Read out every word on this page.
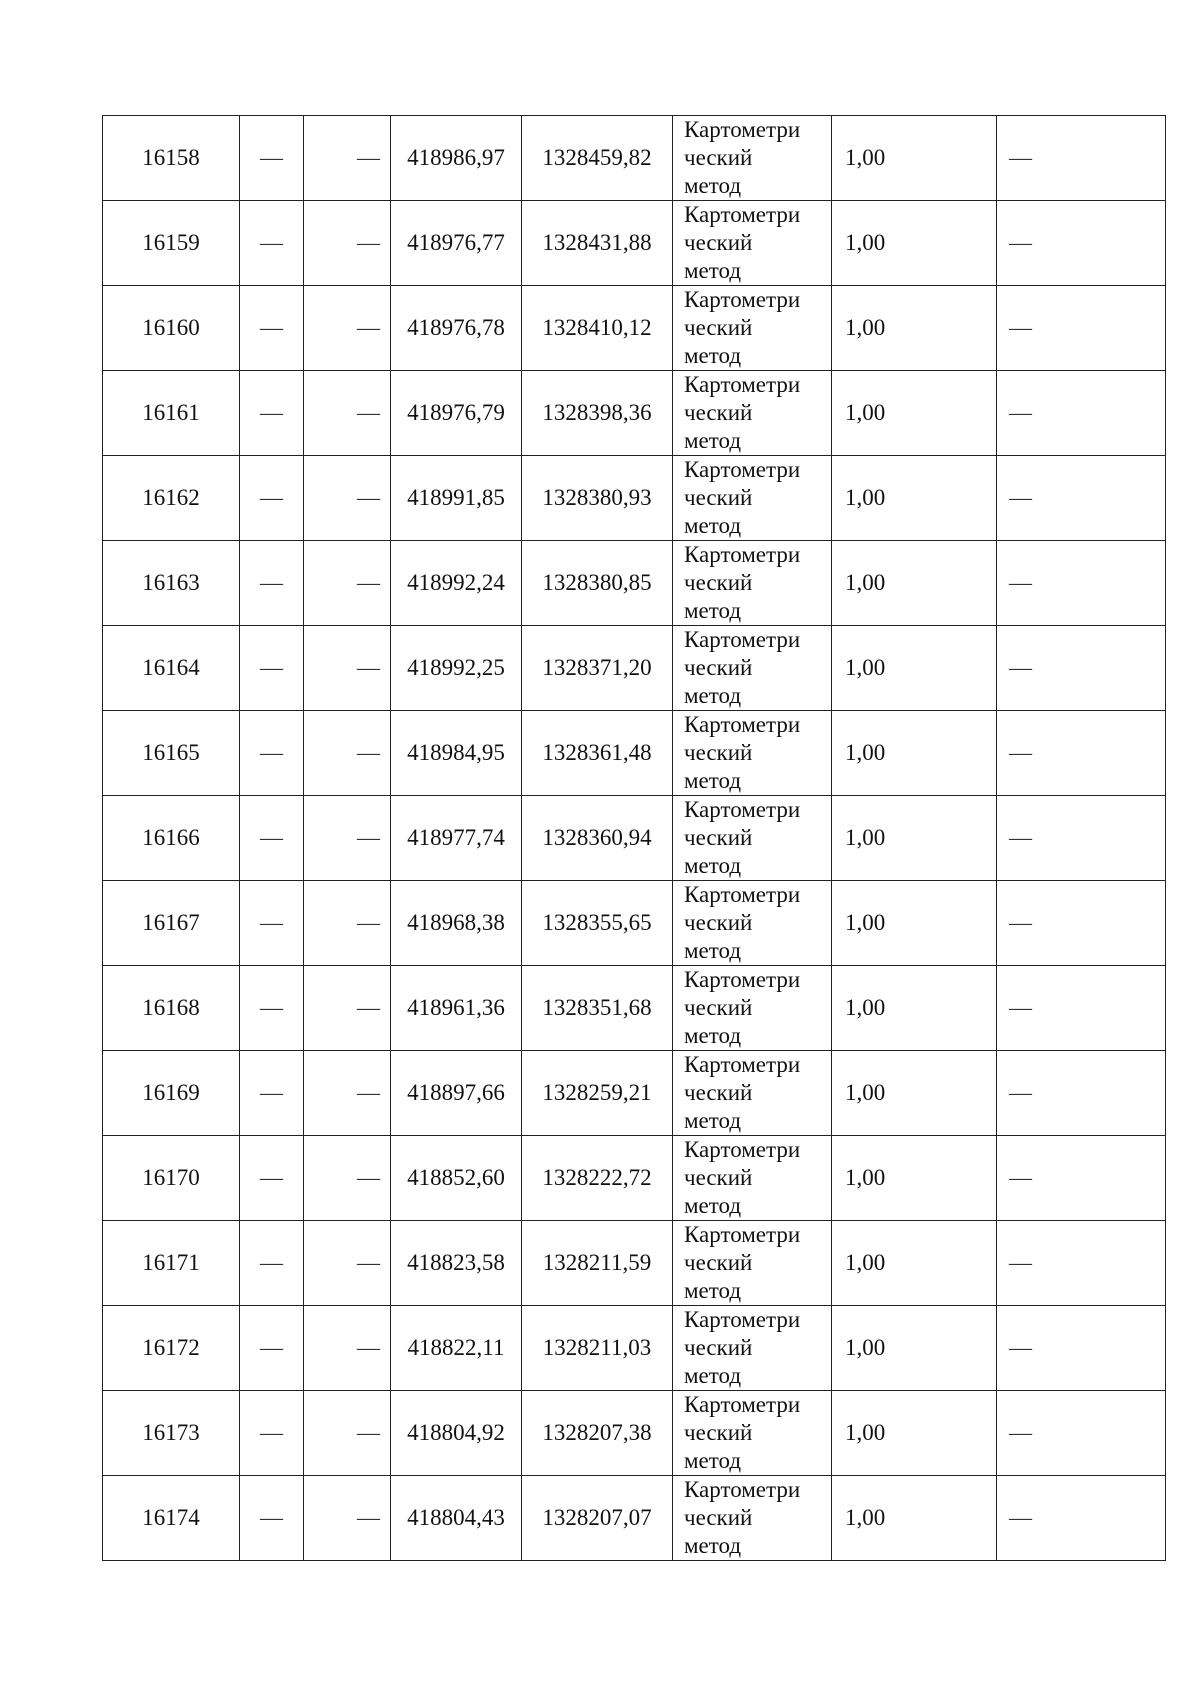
16158	—	—	418986,97	1328459,82	Картометри
ческий
метод	1,00	—
16159	—	—	418976,77	1328431,88	Картометри
ческий
метод	1,00	—
16160	—	—	418976,78	1328410,12	Картометри
ческий
метод	1,00	—
16161	—	—	418976,79	1328398,36	Картометри
ческий
метод	1,00	—
16162	—	—	418991,85	1328380,93	Картометри
ческий
метод	1,00	—
16163	—	—	418992,24	1328380,85	Картометри
ческий
метод	1,00	—
16164	—	—	418992,25	1328371,20	Картометри
ческий
метод	1,00	—
16165	—	—	418984,95	1328361,48	Картометри
ческий
метод	1,00	—
16166	—	—	418977,74	1328360,94	Картометри
ческий
метод	1,00	—
16167	—	—	418968,38	1328355,65	Картометри
ческий
метод	1,00	—
16168	—	—	418961,36	1328351,68	Картометри
ческий
метод	1,00	—
16169	—	—	418897,66	1328259,21	Картометри
ческий
метод	1,00	—
16170	—	—	418852,60	1328222,72	Картометри
ческий
метод	1,00	—
16171	—	—	418823,58	1328211,59	Картометри
ческий
метод	1,00	—
16172	—	—	418822,11	1328211,03	Картометри
ческий
метод	1,00	—
16173	—	—	418804,92	1328207,38	Картометри
ческий
метод	1,00	—
16174	—	—	418804,43	1328207,07	Картометри
ческий
метод	1,00	—
